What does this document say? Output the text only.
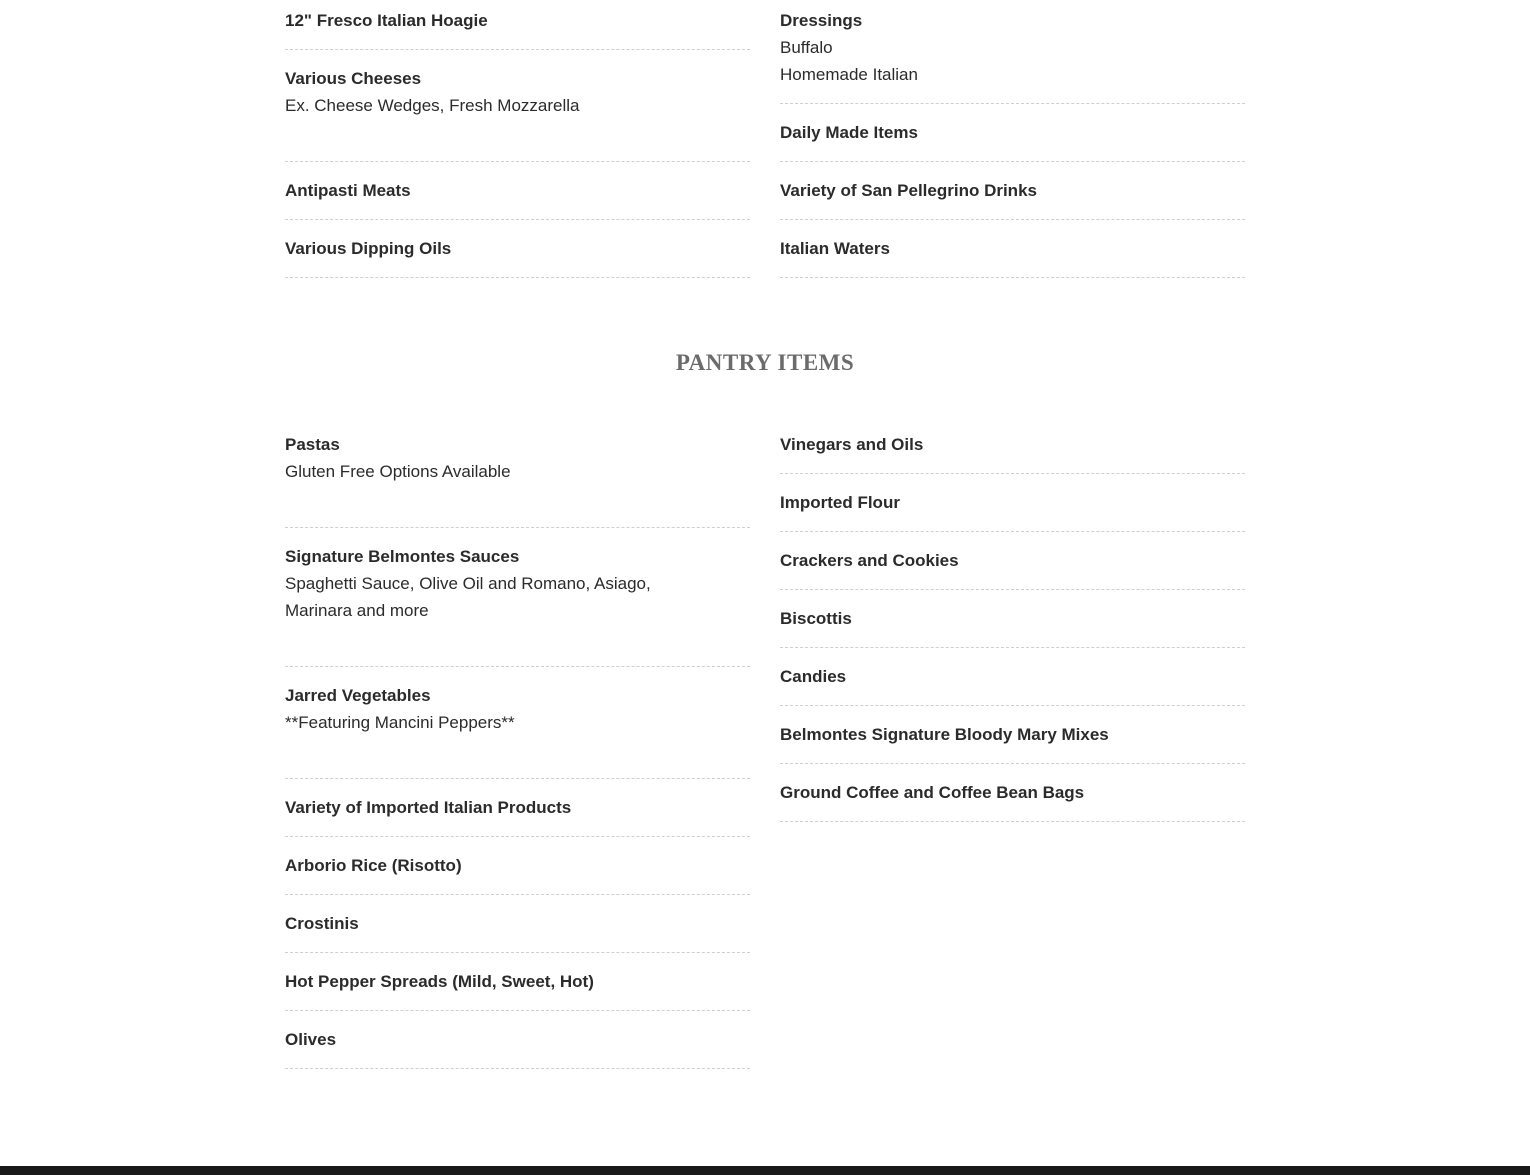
12" Fresco Italian Hoagie
Various Cheeses
Ex. Cheese Wedges, Fresh Mozzarella
Antipasti Meats
Various Dipping Oils
Dressings
Buffalo
Homemade Italian
Daily Made Items
Variety of San Pellegrino Drinks
Italian Waters
PANTRY ITEMS
Pastas
Gluten Free Options Available
Signature Belmontes Sauces
Spaghetti Sauce, Olive Oil and Romano, Asiago,
Marinara and more
Jarred Vegetables
**Featuring Mancini Peppers**
Variety of Imported Italian Products
Arborio Rice (Risotto)
Crostinis
Hot Pepper Spreads (Mild, Sweet, Hot)
Olives
Vinegars and Oils
Imported Flour
Crackers and Cookies
Biscottis
Candies
Belmontes Signature Bloody Mary Mixes
Ground Coffee and Coffee Bean Bags
